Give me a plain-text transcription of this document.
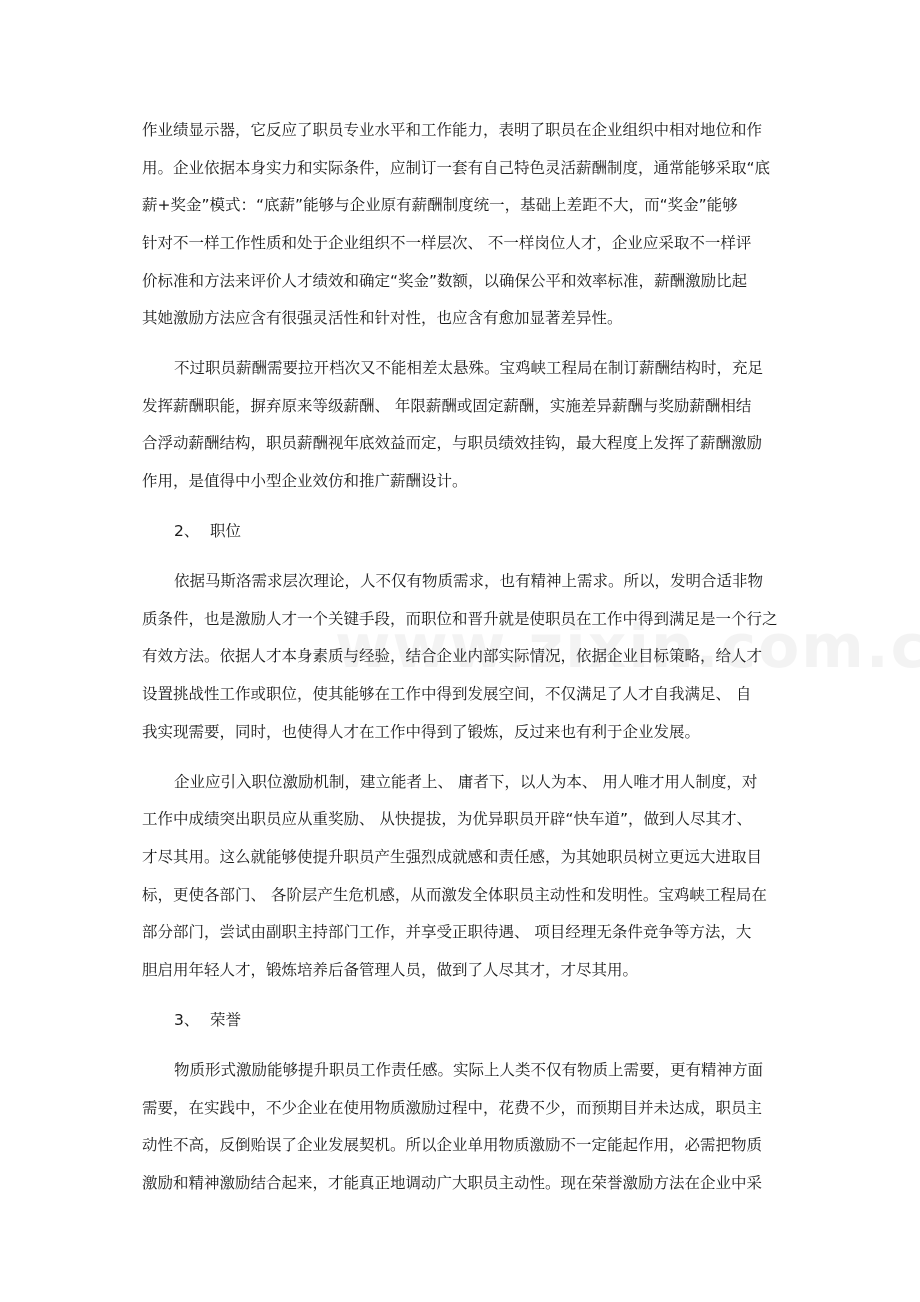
作业绩显示器，它反应了职员专业水平和工作能力，表明了职员在企业组织中相对地位和作
用。企业依据本身实力和实际条件，应制订一套有自己特色灵活薪酬制度，通常能够采取“底
薪+奖金”模式：“底薪”能够与企业原有薪酬制度统一，基础上差距不大，而“奖金”能够
针对不一样工作性质和处于企业组织不一样层次、 不一样岗位人才，企业应采取不一样评
价标准和方法来评价人才绩效和确定“奖金”数额，以确保公平和效率标准，薪酬激励比起
其她激励方法应含有很强灵活性和针对性，也应含有愈加显著差异性。
不过职员薪酬需要拉开档次又不能相差太悬殊。宝鸡峡工程局在制订薪酬结构时，充足
发挥薪酬职能，摒弃原来等级薪酬、 年限薪酬或固定薪酬，实施差异薪酬与奖励薪酬相结
合浮动薪酬结构，职员薪酬视年底效益而定，与职员绩效挂钩，最大程度上发挥了薪酬激励
作用，是值得中小型企业效仿和推广薪酬设计。
2、 职位
依据马斯洛需求层次理论，人不仅有物质需求，也有精神上需求。所以，发明合适非物
质条件，也是激励人才一个关键手段，而职位和晋升就是使职员在工作中得到满足是一个行之
有效方法。依据人才本身素质与经验，结合企业内部实际情况，依据企业目标策略，给人才
设置挑战性工作或职位，使其能够在工作中得到发展空间，不仅满足了人才自我满足、 自
我实现需要，同时，也使得人才在工作中得到了锻炼，反过来也有利于企业发展。
企业应引入职位激励机制，建立能者上、 庸者下，以人为本、 用人唯才用人制度，对
工作中成绩突出职员应从重奖励、 从快提拔，为优异职员开辟“快车道”，做到人尽其才、
才尽其用。这么就能够使提升职员产生强烈成就感和责任感，为其她职员树立更远大进取目
标，更使各部门、 各阶层产生危机感，从而激发全体职员主动性和发明性。宝鸡峡工程局在
部分部门，尝试由副职主持部门工作，并享受正职待遇、 项目经理无条件竞争等方法，大
胆启用年轻人才，锻炼培养后备管理人员，做到了人尽其才，才尽其用。
3、 荣誉
物质形式激励能够提升职员工作责任感。实际上人类不仅有物质上需要，更有精神方面
需要，在实践中，不少企业在使用物质激励过程中，花费不少，而预期目并未达成，职员主
动性不高，反倒贻误了企业发展契机。所以企业单用物质激励不一定能起作用，必需把物质
激励和精神激励结合起来，才能真正地调动广大职员主动性。现在荣誉激励方法在企业中采
